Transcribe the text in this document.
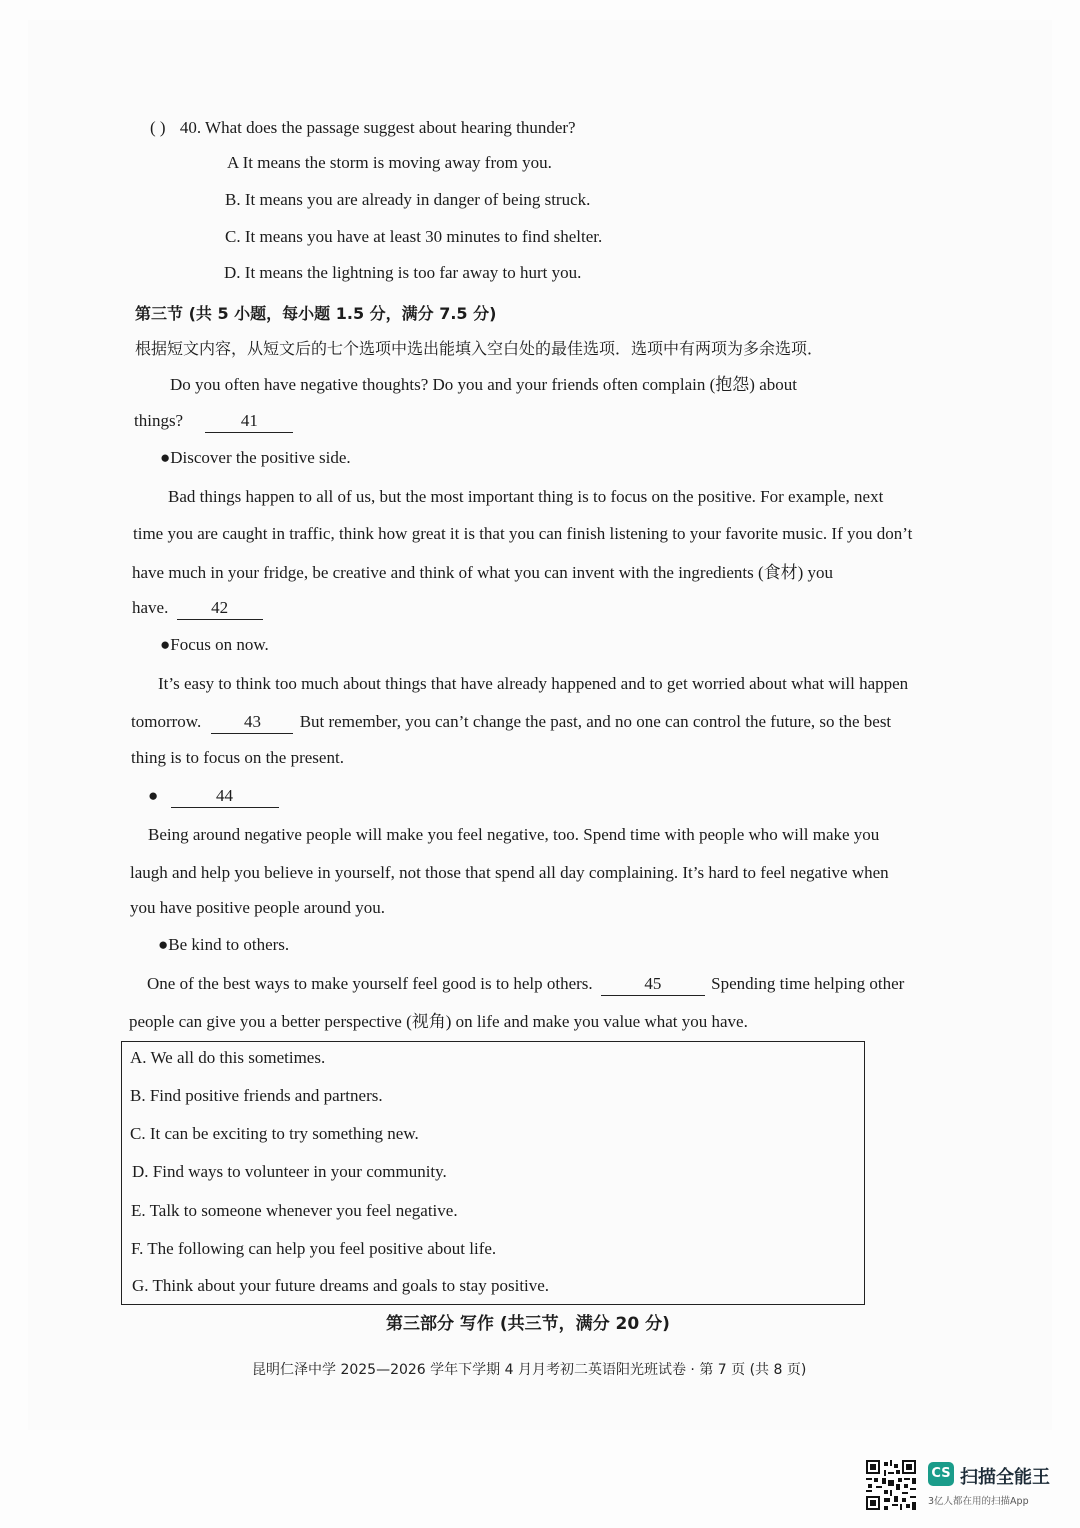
( ) 40. What does the passage suggest about hearing thunder?
A It means the storm is moving away from you.
B. It means you are already in danger of being struck.
C. It means you have at least 30 minutes to find shelter.
D. It means the lightning is too far away to hurt you.
第三节 (共 5 小题，每小题 1.5 分，满分 7.5 分)
根据短文内容，从短文后的七个选项中选出能填入空白处的最佳选项．选项中有两项为多余选项．
Do you often have negative thoughts? Do you and your friends often complain (抱怨) about
things?	41
●Discover the positive side.
Bad things happen to all of us, but the most important thing is to focus on the positive. For example, next
time you are caught in traffic, think how great it is that you can finish listening to your favorite music. If you don’t
have much in your fridge, be creative and think of what you can invent with the ingredients (食材) you
have.	42
●Focus on now.
It’s easy to think too much about things that have already happened and to get worried about what will happen
tomorrow.	43 But remember, you can’t change the past, and no one can control the future, so the best
thing is to focus on the present.
●	44
Being around negative people will make you feel negative, too. Spend time with people who will make you
laugh and help you believe in yourself, not those that spend all day complaining. It’s hard to feel negative when
you have positive people around you.
●Be kind to others.
One of the best ways to make yourself feel good is to help others.	45	Spending time helping other
people can give you a better perspective (视角) on life and make you value what you have.
A. We all do this sometimes.
B. Find positive friends and partners.
C. It can be exciting to try something new.
D. Find ways to volunteer in your community.
E. Talk to someone whenever you feel negative.
F. The following can help you feel positive about life.
G. Think about your future dreams and goals to stay positive.
第三部分 写作 (共三节，满分 20 分)
昆明仁泽中学 2025—2026 学年下学期 4 月月考初二英语阳光班试卷 · 第 7 页 (共 8 页)
CS 扫描全能王
3亿人都在用的扫描App
